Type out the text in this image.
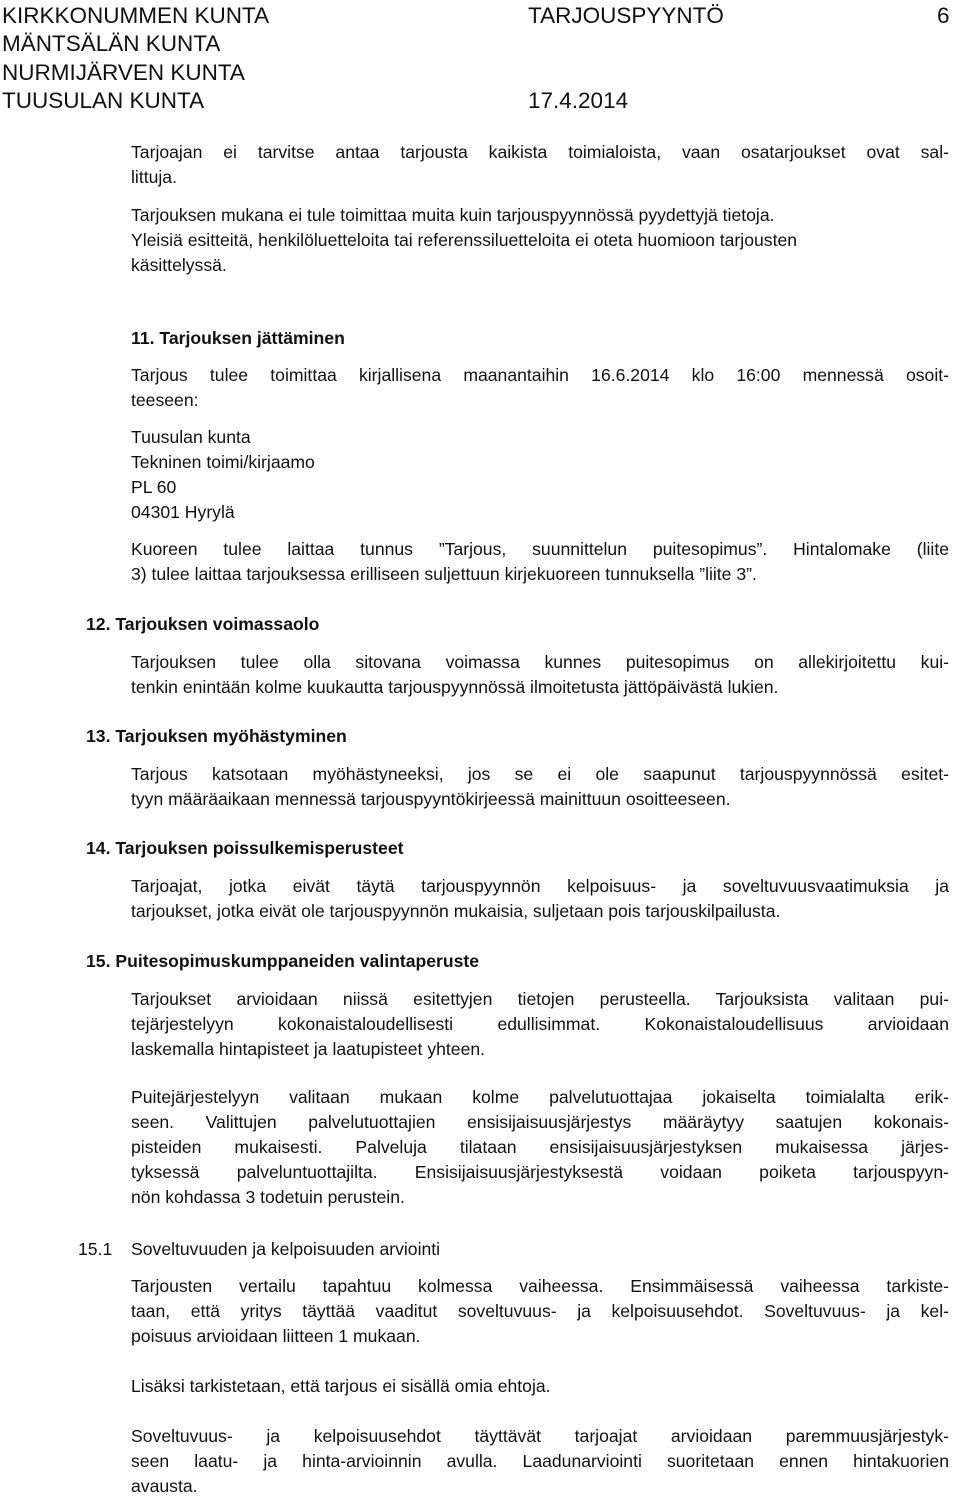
KIRKKONUMMEN KUNTA	TARJOUSPYYNTÖ	6
MÄNTSÄLÄN KUNTA
NURMIJÄRVEN KUNTA
TUUSULAN KUNTA	17.4.2014
Tarjoajan ei tarvitse antaa tarjousta kaikista toimialoista, vaan osatarjoukset ovat sal-
littuja.
Tarjouksen mukana ei tule toimittaa muita kuin tarjouspyynnössä pyydettyjä tietoja.
Yleisiä esitteitä, henkilöluetteloita tai referenssiluetteloita ei oteta huomioon tarjousten
käsittelyssä.
11. Tarjouksen jättäminen
Tarjous tulee toimittaa kirjallisena maanantaihin 16.6.2014 klo 16:00 mennessä osoit-
teeseen:
Tuusulan kunta
Tekninen toimi/kirjaamo
PL 60
04301 Hyrylä
Kuoreen tulee laittaa tunnus ”Tarjous, suunnittelun puitesopimus”. Hintalomake (liite
3) tulee laittaa tarjouksessa erilliseen suljettuun kirjekuoreen tunnuksella ”liite 3”.
12. Tarjouksen voimassaolo
Tarjouksen tulee olla sitovana voimassa kunnes puitesopimus on allekirjoitettu kui-
tenkin enintään kolme kuukautta tarjouspyynnössä ilmoitetusta jättöpäivästä lukien.
13. Tarjouksen myöhästyminen
Tarjous katsotaan myöhästyneeksi, jos se ei ole saapunut tarjouspyynnössä esitet-
tyyn määräaikaan mennessä tarjouspyyntökirjeessä mainittuun osoitteeseen.
14. Tarjouksen poissulkemisperusteet
Tarjoajat, jotka eivät täytä tarjouspyynnön kelpoisuus- ja soveltuvuusvaatimuksia ja
tarjoukset, jotka eivät ole tarjouspyynnön mukaisia, suljetaan pois tarjouskilpailusta.
15. Puitesopimuskumppaneiden valintaperuste
Tarjoukset arvioidaan niissä esitettyjen tietojen perusteella. Tarjouksista valitaan pui-
tejärjestelyyn kokonaistaloudellisesti edullisimmat. Kokonaistaloudellisuus arvioidaan
laskemalla hintapisteet ja laatupisteet yhteen.
Puitejärjestelyyn valitaan mukaan kolme palvelutuottajaa jokaiselta toimialalta erik-
seen. Valittujen palvelutuottajien ensisijaisuusjärjestys määräytyy saatujen kokonais-
pisteiden mukaisesti. Palveluja tilataan ensisijaisuusjärjestyksen mukaisessa järjes-
tyksessä palveluntuottajilta. Ensisijaisuusjärjestyksestä voidaan poiketa tarjouspyyn-
nön kohdassa 3 todetuin perustein.
15.1 Soveltuvuuden ja kelpoisuuden arviointi
Tarjousten vertailu tapahtuu kolmessa vaiheessa. Ensimmäisessä vaiheessa tarkiste-
taan, että yritys täyttää vaaditut soveltuvuus- ja kelpoisuusehdot. Soveltuvuus- ja kel-
poisuus arvioidaan liitteen 1 mukaan.
Lisäksi tarkistetaan, että tarjous ei sisällä omia ehtoja.
Soveltuvuus- ja kelpoisuusehdot täyttävät tarjoajat arvioidaan paremmuusjärjestyk-
seen laatu- ja hinta-arvioinnin avulla. Laadunarviointi suoritetaan ennen hintakuorien
avausta.
